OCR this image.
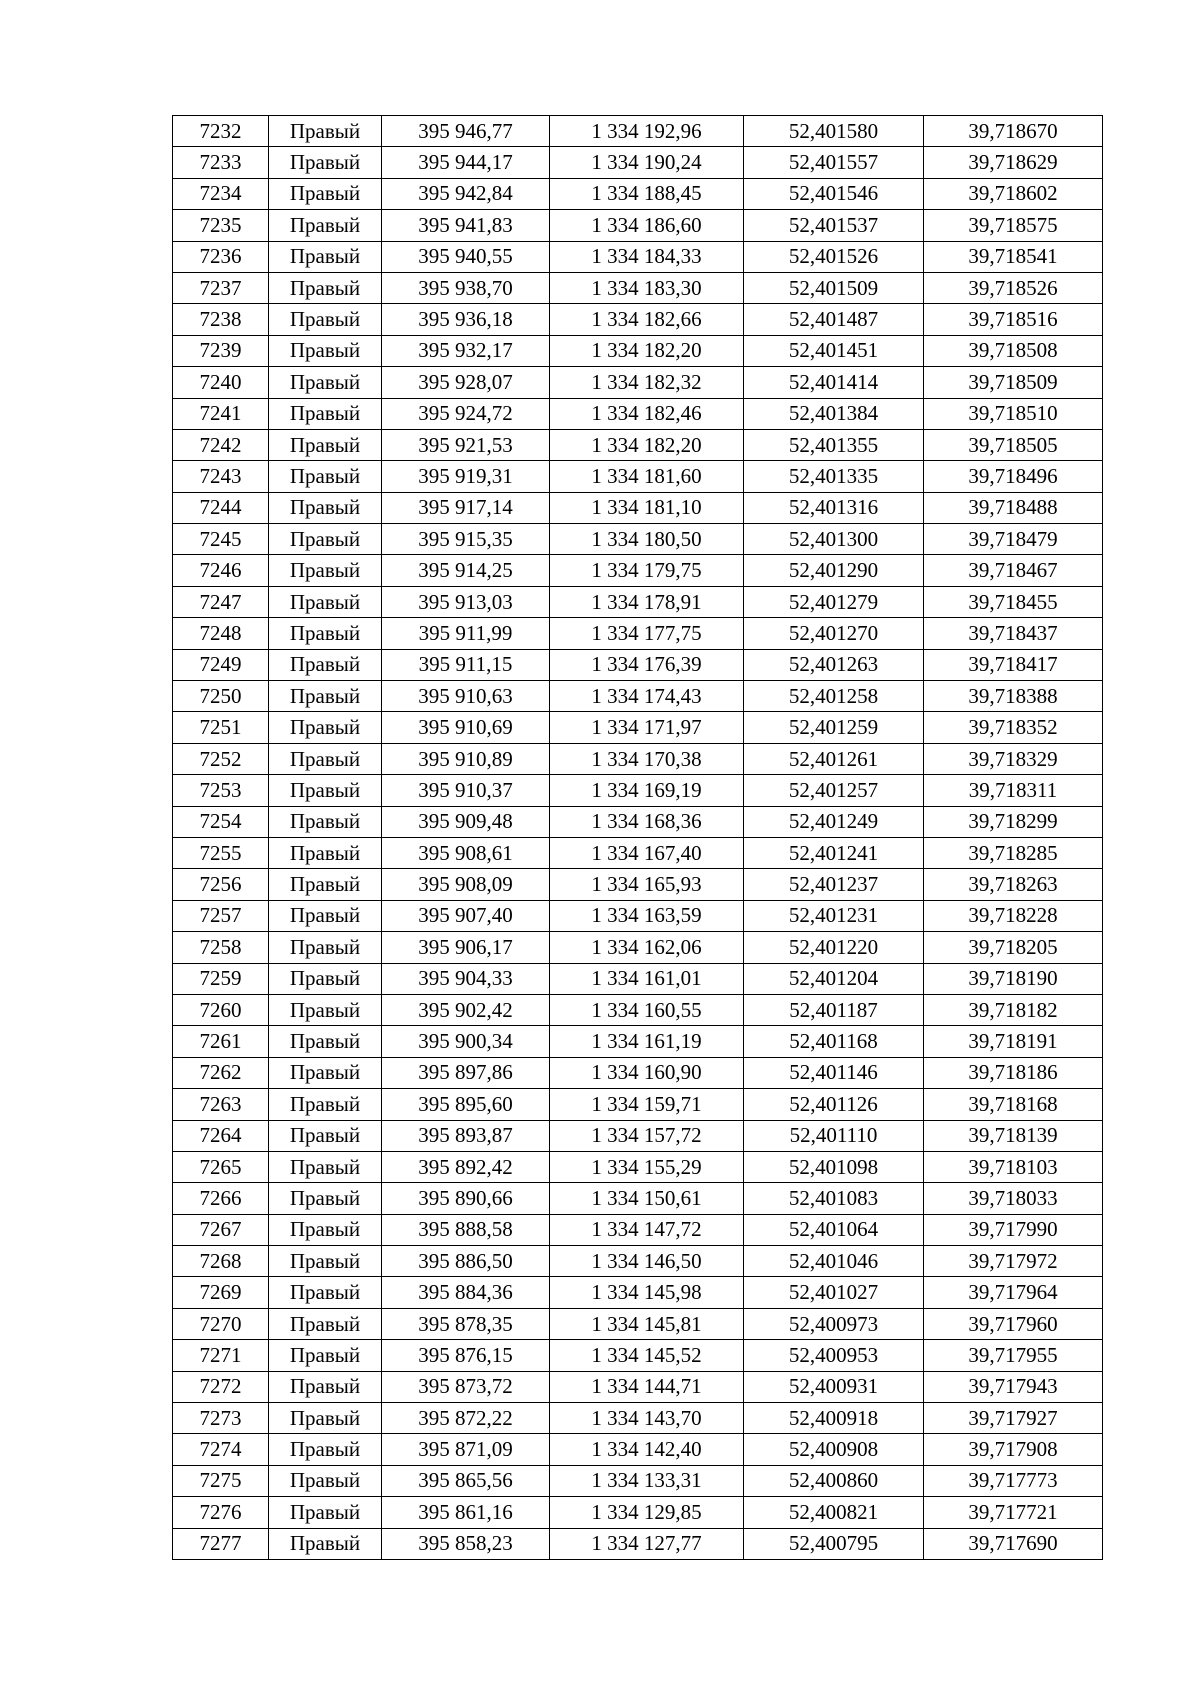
7232	Правый	395 946,77	1 334 192,96	52,401580	39,718670
7233	Правый	395 944,17	1 334 190,24	52,401557	39,718629
7234	Правый	395 942,84	1 334 188,45	52,401546	39,718602
7235	Правый	395 941,83	1 334 186,60	52,401537	39,718575
7236	Правый	395 940,55	1 334 184,33	52,401526	39,718541
7237	Правый	395 938,70	1 334 183,30	52,401509	39,718526
7238	Правый	395 936,18	1 334 182,66	52,401487	39,718516
7239	Правый	395 932,17	1 334 182,20	52,401451	39,718508
7240	Правый	395 928,07	1 334 182,32	52,401414	39,718509
7241	Правый	395 924,72	1 334 182,46	52,401384	39,718510
7242	Правый	395 921,53	1 334 182,20	52,401355	39,718505
7243	Правый	395 919,31	1 334 181,60	52,401335	39,718496
7244	Правый	395 917,14	1 334 181,10	52,401316	39,718488
7245	Правый	395 915,35	1 334 180,50	52,401300	39,718479
7246	Правый	395 914,25	1 334 179,75	52,401290	39,718467
7247	Правый	395 913,03	1 334 178,91	52,401279	39,718455
7248	Правый	395 911,99	1 334 177,75	52,401270	39,718437
7249	Правый	395 911,15	1 334 176,39	52,401263	39,718417
7250	Правый	395 910,63	1 334 174,43	52,401258	39,718388
7251	Правый	395 910,69	1 334 171,97	52,401259	39,718352
7252	Правый	395 910,89	1 334 170,38	52,401261	39,718329
7253	Правый	395 910,37	1 334 169,19	52,401257	39,718311
7254	Правый	395 909,48	1 334 168,36	52,401249	39,718299
7255	Правый	395 908,61	1 334 167,40	52,401241	39,718285
7256	Правый	395 908,09	1 334 165,93	52,401237	39,718263
7257	Правый	395 907,40	1 334 163,59	52,401231	39,718228
7258	Правый	395 906,17	1 334 162,06	52,401220	39,718205
7259	Правый	395 904,33	1 334 161,01	52,401204	39,718190
7260	Правый	395 902,42	1 334 160,55	52,401187	39,718182
7261	Правый	395 900,34	1 334 161,19	52,401168	39,718191
7262	Правый	395 897,86	1 334 160,90	52,401146	39,718186
7263	Правый	395 895,60	1 334 159,71	52,401126	39,718168
7264	Правый	395 893,87	1 334 157,72	52,401110	39,718139
7265	Правый	395 892,42	1 334 155,29	52,401098	39,718103
7266	Правый	395 890,66	1 334 150,61	52,401083	39,718033
7267	Правый	395 888,58	1 334 147,72	52,401064	39,717990
7268	Правый	395 886,50	1 334 146,50	52,401046	39,717972
7269	Правый	395 884,36	1 334 145,98	52,401027	39,717964
7270	Правый	395 878,35	1 334 145,81	52,400973	39,717960
7271	Правый	395 876,15	1 334 145,52	52,400953	39,717955
7272	Правый	395 873,72	1 334 144,71	52,400931	39,717943
7273	Правый	395 872,22	1 334 143,70	52,400918	39,717927
7274	Правый	395 871,09	1 334 142,40	52,400908	39,717908
7275	Правый	395 865,56	1 334 133,31	52,400860	39,717773
7276	Правый	395 861,16	1 334 129,85	52,400821	39,717721
7277	Правый	395 858,23	1 334 127,77	52,400795	39,717690
